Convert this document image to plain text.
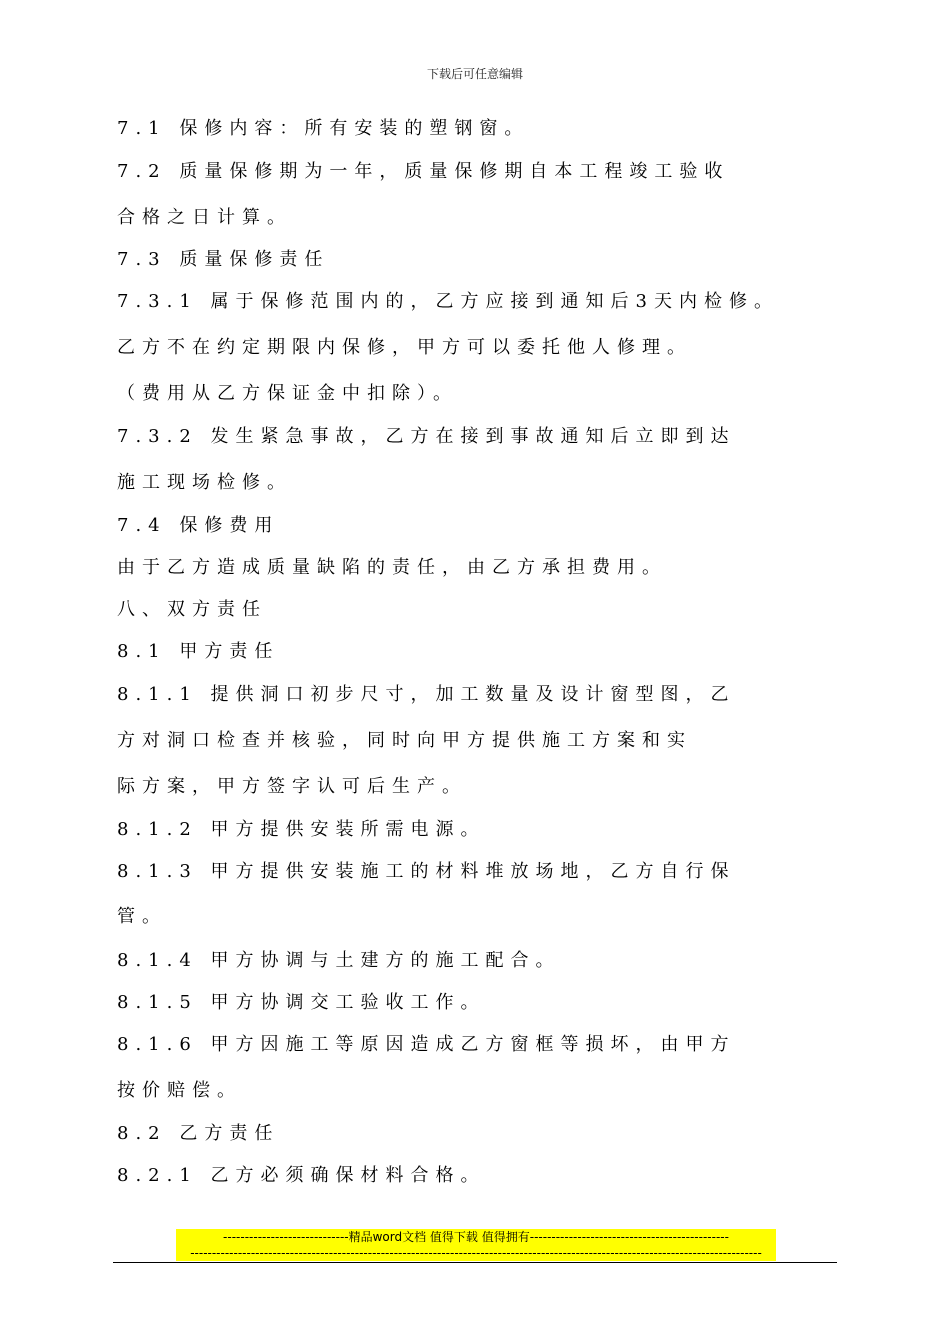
下载后可任意编辑
7.1 保修内容：所有安装的塑钢窗。
7.2 质量保修期为一年，质量保修期自本工程竣工验收
合格之日计算。
7.3 质量保修责任
7.3.1 属于保修范围内的，乙方应接到通知后3天内检修。
乙方不在约定期限内保修，甲方可以委托他人修理。
（费用从乙方保证金中扣除）。
7.3.2 发生紧急事故，乙方在接到事故通知后立即到达
施工现场检修。
7.4 保修费用
由于乙方造成质量缺陷的责任，由乙方承担费用。
八、双方责任
8.1 甲方责任
8.1.1 提供洞口初步尺寸，加工数量及设计窗型图，乙
方对洞口检查并核验，同时向甲方提供施工方案和实
际方案，甲方签字认可后生产。
8.1.2 甲方提供安装所需电源。
8.1.3 甲方提供安装施工的材料堆放场地，乙方自行保
管。
8.1.4 甲方协调与土建方的施工配合。
8.1.5 甲方协调交工验收工作。
8.1.6 甲方因施工等原因造成乙方窗框等损坏，由甲方
按价赔偿。
8.2 乙方责任
8.2.1 乙方必须确保材料合格。
-----------------------------精品word文档 值得下载 值得拥有----------------------------------------------
------------------------------------------------------------------------------------------------------------------------------------
